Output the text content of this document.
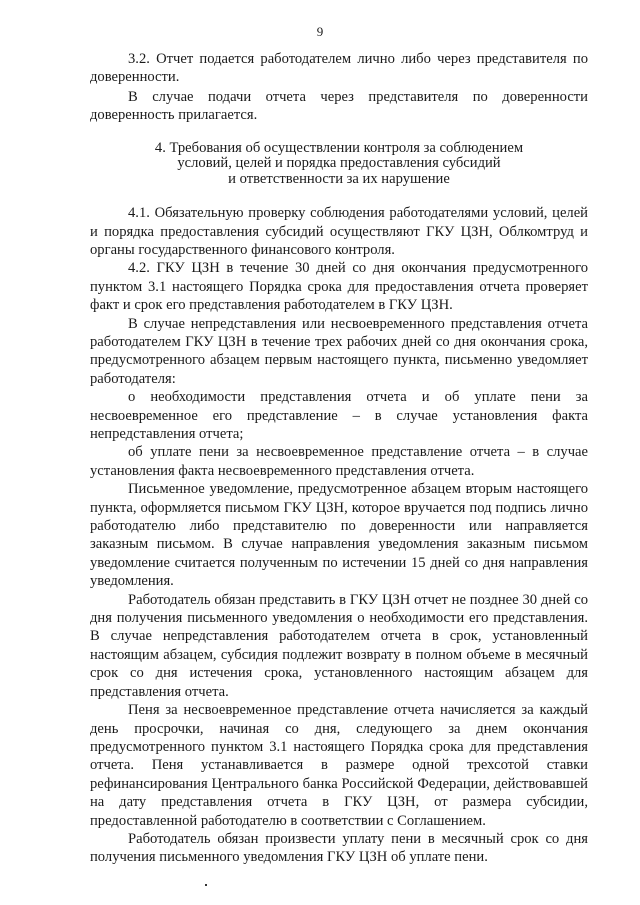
9

3.2. Отчет подается работодателем лично либо через представителя по доверенности.

В случае подачи отчета через представителя по доверенности доверенность прилагается.

4. Требования об осуществлении контроля за соблюдением
условий, целей и порядка предоставления субсидий
и ответственности за их нарушение

4.1. Обязательную проверку соблюдения работодателями условий, целей и порядка предоставления субсидий осуществляют ГКУ ЦЗН, Облкомтруд и органы государственного финансового контроля.

4.2. ГКУ ЦЗН в течение 30 дней со дня окончания предусмотренного пунктом 3.1 настоящего Порядка срока для предоставления отчета проверяет факт и срок его представления работодателем в ГКУ ЦЗН.

В случае непредставления или несвоевременного представления отчета работодателем ГКУ ЦЗН в течение трех рабочих дней со дня окончания срока, предусмотренного абзацем первым настоящего пункта, письменно уведомляет работодателя:

о необходимости представления отчета и об уплате пени за несвоевременное его представление – в случае установления факта непредставления отчета;

об уплате пени за несвоевременное представление отчета – в случае установления факта несвоевременного представления отчета.

Письменное уведомление, предусмотренное абзацем вторым настоящего пункта, оформляется письмом ГКУ ЦЗН, которое вручается под подпись лично работодателю либо представителю по доверенности или направляется заказным письмом. В случае направления уведомления заказным письмом уведомление считается полученным по истечении 15 дней со дня направления уведомления.

Работодатель обязан представить в ГКУ ЦЗН отчет не позднее 30 дней со дня получения письменного уведомления о необходимости его представления. В случае непредставления работодателем отчета в срок, установленный настоящим абзацем, субсидия подлежит возврату в полном объеме в месячный срок со дня истечения срока, установленного настоящим абзацем для представления отчета.

Пеня за несвоевременное представление отчета начисляется за каждый день просрочки, начиная со дня, следующего за днем окончания предусмотренного пунктом 3.1 настоящего Порядка срока для представления отчета. Пеня устанавливается в размере одной трехсотой ставки рефинансирования Центрального банка Российской Федерации, действовавшей на дату представления отчета в ГКУ ЦЗН, от размера субсидии, предоставленной работодателю в соответствии с Соглашением.

Работодатель обязан произвести уплату пени в месячный срок со дня получения письменного уведомления ГКУ ЦЗН об уплате пени.
